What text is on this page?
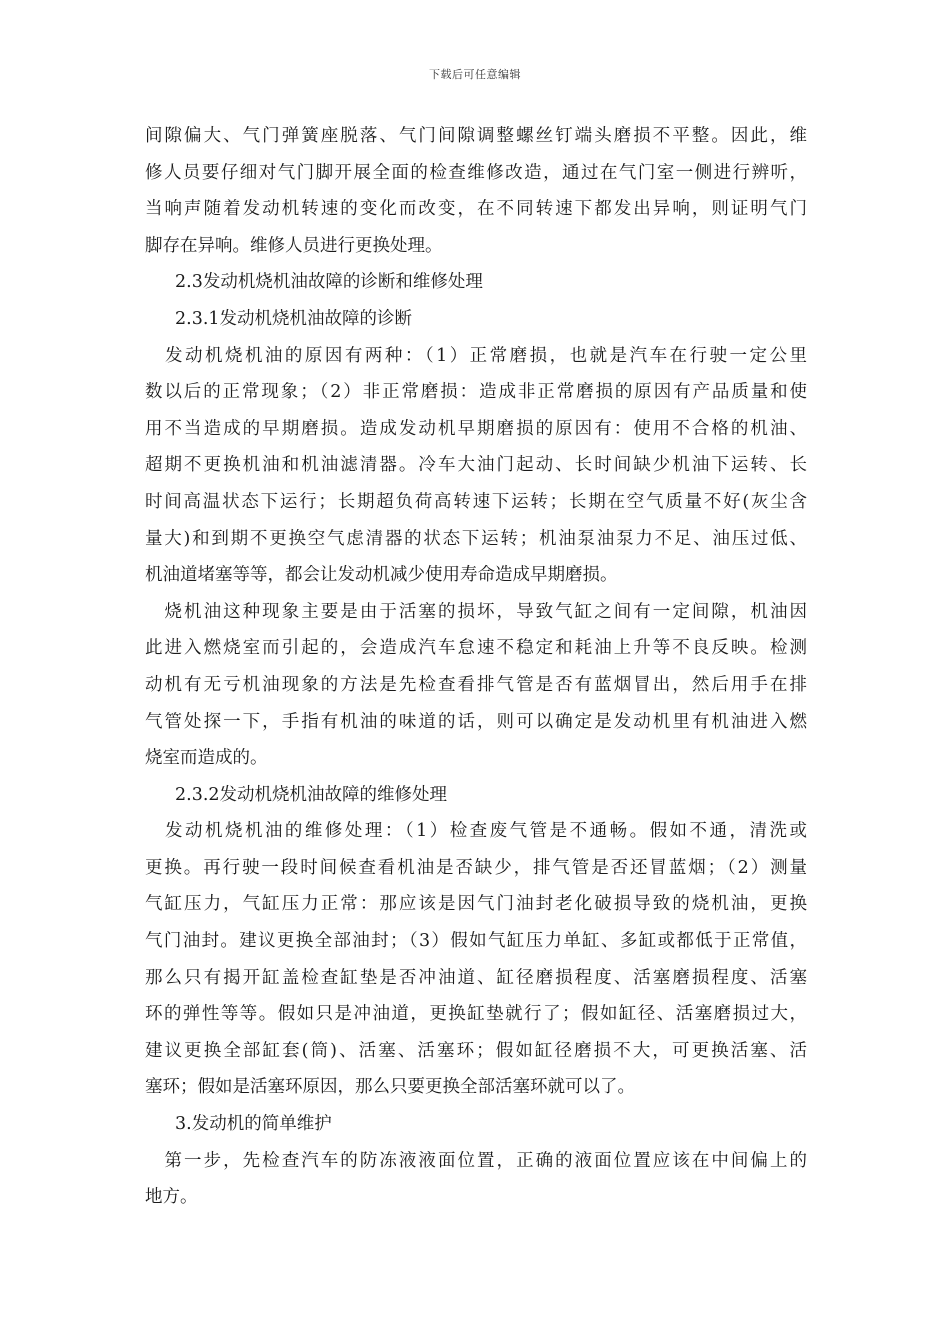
下载后可任意编辑
间隙偏大、气门弹簧座脱落、气门间隙调整螺丝钉端头磨损不平整。因此，维
修人员要仔细对气门脚开展全面的检查维修改造，通过在气门室一侧进行辨听，
当响声随着发动机转速的变化而改变，在不同转速下都发出异响，则证明气门
脚存在异响。维修人员进行更换处理。
2.3发动机烧机油故障的诊断和维修处理
2.3.1发动机烧机油故障的诊断
　发动机烧机油的原因有两种：（1）正常磨损，也就是汽车在行驶一定公里
数以后的正常现象；（2）非正常磨损：造成非正常磨损的原因有产品质量和使
用不当造成的早期磨损。造成发动机早期磨损的原因有：使用不合格的机油、
超期不更换机油和机油滤清器。冷车大油门起动、长时间缺少机油下运转、长
时间高温状态下运行；长期超负荷高转速下运转；长期在空气质量不好(灰尘含
量大)和到期不更换空气虑清器的状态下运转；机油泵油泵力不足、油压过低、
机油道堵塞等等，都会让发动机减少使用寿命造成早期磨损。
　烧机油这种现象主要是由于活塞的损坏，导致气缸之间有一定间隙，机油因
此进入燃烧室而引起的，会造成汽车怠速不稳定和耗油上升等不良反映。检测
动机有无亏机油现象的方法是先检查看排气管是否有蓝烟冒出，然后用手在排
气管处探一下，手指有机油的味道的话，则可以确定是发动机里有机油进入燃
烧室而造成的。
2.3.2发动机烧机油故障的维修处理
　发动机烧机油的维修处理：（1）检查废气管是不通畅。假如不通，清洗或
更换。再行驶一段时间候查看机油是否缺少，排气管是否还冒蓝烟；（2）测量
气缸压力，气缸压力正常：那应该是因气门油封老化破损导致的烧机油，更换
气门油封。建议更换全部油封；（3）假如气缸压力单缸、多缸或都低于正常值，
那么只有揭开缸盖检查缸垫是否冲油道、缸径磨损程度、活塞磨损程度、活塞
环的弹性等等。假如只是冲油道，更换缸垫就行了；假如缸径、活塞磨损过大，
建议更换全部缸套(筒)、活塞、活塞环；假如缸径磨损不大，可更换活塞、活
塞环；假如是活塞环原因，那么只要更换全部活塞环就可以了。
3.发动机的简单维护
　第一步，先检查汽车的防冻液液面位置，正确的液面位置应该在中间偏上的
地方。
